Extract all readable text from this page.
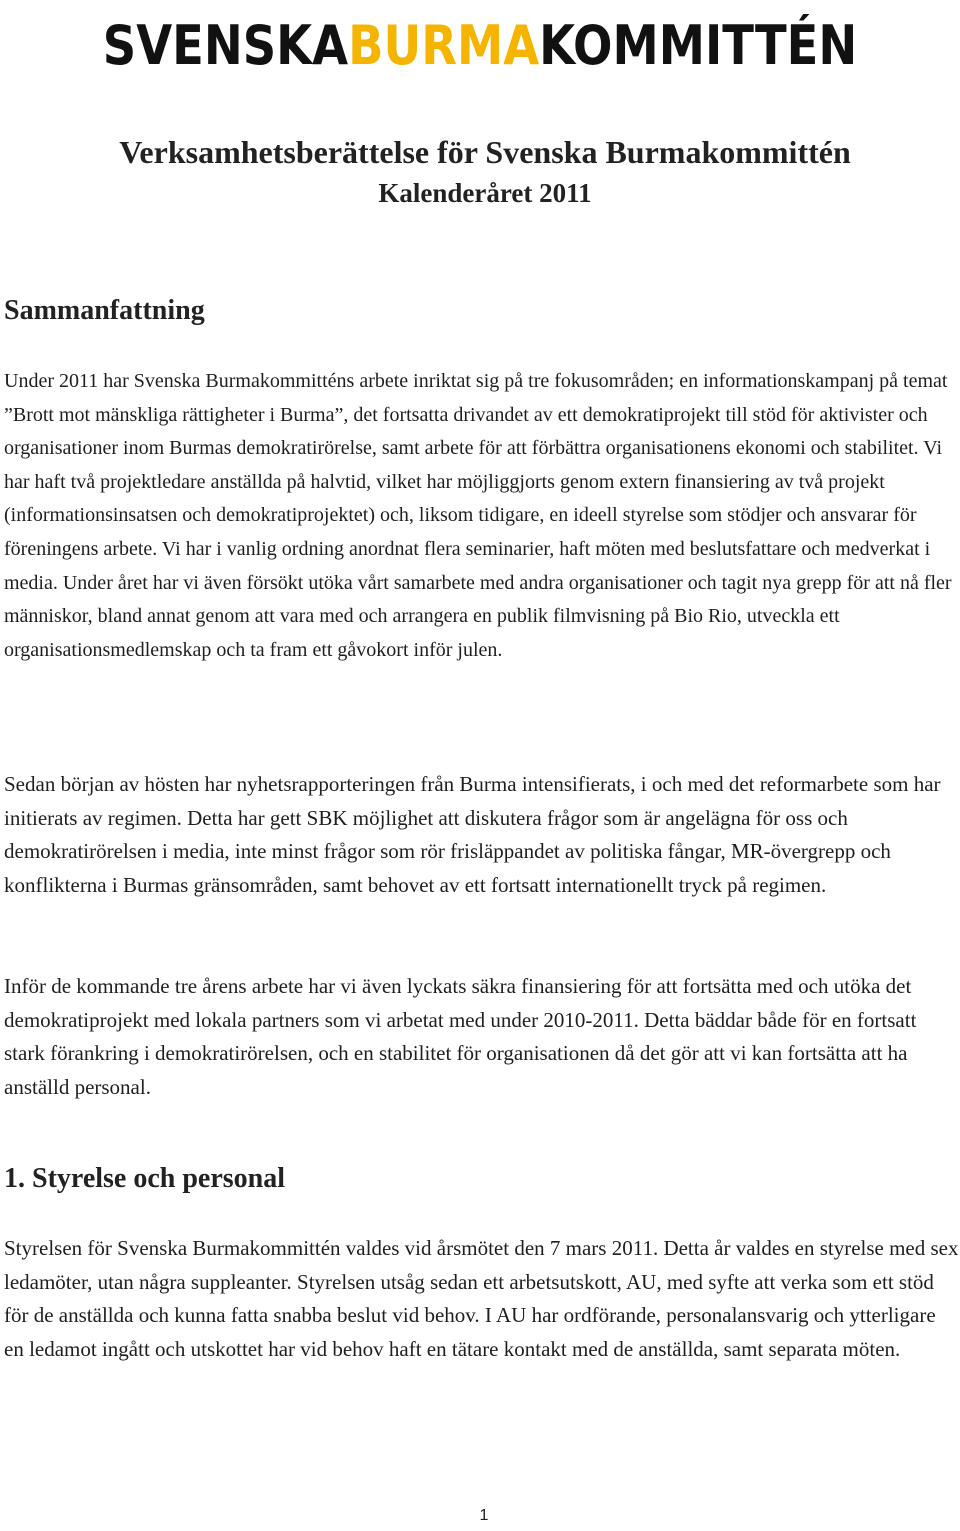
SVENSKABURMAKOMMITTÉN
Verksamhetsberättelse för Svenska Burmakommittén
Kalenderåret 2011
Sammanfattning

Under 2011 har Svenska Burmakommitténs arbete inriktat sig på tre fokusområden; en informationskampanj på temat ”Brott mot mänskliga rättigheter i Burma”, det fortsatta drivandet av ett demokratiprojekt till stöd för aktivister och organisationer inom Burmas demokratirörelse, samt arbete för att förbättra organisationens ekonomi och stabilitet. Vi har haft två projektledare anställda på halvtid, vilket har möjliggjorts genom extern finansiering av två projekt (informationsinsatsen och demokratiprojektet) och, liksom tidigare, en ideell styrelse som stödjer och ansvarar för föreningens arbete. Vi har i vanlig ordning anordnat flera seminarier, haft möten med beslutsfattare och medverkat i media. Under året har vi även försökt utöka vårt samarbete med andra organisationer och tagit nya grepp för att nå fler människor, bland annat genom att vara med och arrangera en publik filmvisning på Bio Rio, utveckla ett organisationsmedlemskap och ta fram ett gåvokort inför julen.

Sedan början av hösten har nyhetsrapporteringen från Burma intensifierats, i och med det reformarbete som har initierats av regimen. Detta har gett SBK möjlighet att diskutera frågor som är angelägna för oss och demokratirörelsen i media, inte minst frågor som rör frisläppandet av politiska fångar, MR-övergrepp och konflikterna i Burmas gränsområden, samt behovet av ett fortsatt internationellt tryck på regimen.

Inför de kommande tre årens arbete har vi även lyckats säkra finansiering för att fortsätta med och utöka det demokratiprojekt med lokala partners som vi arbetat med under 2010-2011. Detta bäddar både för en fortsatt stark förankring i demokratirörelsen, och en stabilitet för organisationen då det gör att vi kan fortsätta att ha anställd personal.

1. Styrelse och personal

Styrelsen för Svenska Burmakommittén valdes vid årsmötet den 7 mars 2011. Detta år valdes en styrelse med sex ledamöter, utan några suppleanter. Styrelsen utsåg sedan ett arbetsutskott, AU, med syfte att verka som ett stöd för de anställda och kunna fatta snabba beslut vid behov. I AU har ordförande, personalansvarig och ytterligare en ledamot ingått och utskottet har vid behov haft en tätare kontakt med de anställda, samt separata möten.

1
